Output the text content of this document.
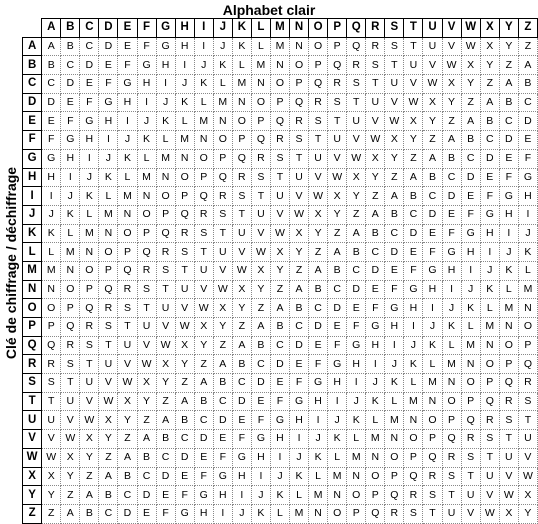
Alphabet clair
Clé de chiffrage / déchiffrage
	A	B	C	D	E	F	G	H	I	J	K	L	M	N	O	P	Q	R	S	T	U	V	W	X	Y	Z
A	A	B	C	D	E	F	G	H	I	J	K	L	M	N	O	P	Q	R	S	T	U	V	W	X	Y	Z
B	B	C	D	E	F	G	H	I	J	K	L	M	N	O	P	Q	R	S	T	U	V	W	X	Y	Z	A
C	C	D	E	F	G	H	I	J	K	L	M	N	O	P	Q	R	S	T	U	V	W	X	Y	Z	A	B
D	D	E	F	G	H	I	J	K	L	M	N	O	P	Q	R	S	T	U	V	W	X	Y	Z	A	B	C
E	E	F	G	H	I	J	K	L	M	N	O	P	Q	R	S	T	U	V	W	X	Y	Z	A	B	C	D
F	F	G	H	I	J	K	L	M	N	O	P	Q	R	S	T	U	V	W	X	Y	Z	A	B	C	D	E
G	G	H	I	J	K	L	M	N	O	P	Q	R	S	T	U	V	W	X	Y	Z	A	B	C	D	E	F
H	H	I	J	K	L	M	N	O	P	Q	R	S	T	U	V	W	X	Y	Z	A	B	C	D	E	F	G
I	I	J	K	L	M	N	O	P	Q	R	S	T	U	V	W	X	Y	Z	A	B	C	D	E	F	G	H
J	J	K	L	M	N	O	P	Q	R	S	T	U	V	W	X	Y	Z	A	B	C	D	E	F	G	H	I
K	K	L	M	N	O	P	Q	R	S	T	U	V	W	X	Y	Z	A	B	C	D	E	F	G	H	I	J
L	L	M	N	O	P	Q	R	S	T	U	V	W	X	Y	Z	A	B	C	D	E	F	G	H	I	J	K
M	M	N	O	P	Q	R	S	T	U	V	W	X	Y	Z	A	B	C	D	E	F	G	H	I	J	K	L
N	N	O	P	Q	R	S	T	U	V	W	X	Y	Z	A	B	C	D	E	F	G	H	I	J	K	L	M
O	O	P	Q	R	S	T	U	V	W	X	Y	Z	A	B	C	D	E	F	G	H	I	J	K	L	M	N
P	P	Q	R	S	T	U	V	W	X	Y	Z	A	B	C	D	E	F	G	H	I	J	K	L	M	N	O
Q	Q	R	S	T	U	V	W	X	Y	Z	A	B	C	D	E	F	G	H	I	J	K	L	M	N	O	P
R	R	S	T	U	V	W	X	Y	Z	A	B	C	D	E	F	G	H	I	J	K	L	M	N	O	P	Q
S	S	T	U	V	W	X	Y	Z	A	B	C	D	E	F	G	H	I	J	K	L	M	N	O	P	Q	R
T	T	U	V	W	X	Y	Z	A	B	C	D	E	F	G	H	I	J	K	L	M	N	O	P	Q	R	S
U	U	V	W	X	Y	Z	A	B	C	D	E	F	G	H	I	J	K	L	M	N	O	P	Q	R	S	T
V	V	W	X	Y	Z	A	B	C	D	E	F	G	H	I	J	K	L	M	N	O	P	Q	R	S	T	U
W	W	X	Y	Z	A	B	C	D	E	F	G	H	I	J	K	L	M	N	O	P	Q	R	S	T	U	V
X	X	Y	Z	A	B	C	D	E	F	G	H	I	J	K	L	M	N	O	P	Q	R	S	T	U	V	W
Y	Y	Z	A	B	C	D	E	F	G	H	I	J	K	L	M	N	O	P	Q	R	S	T	U	V	W	X
Z	Z	A	B	C	D	E	F	G	H	I	J	K	L	M	N	O	P	Q	R	S	T	U	V	W	X	Y
